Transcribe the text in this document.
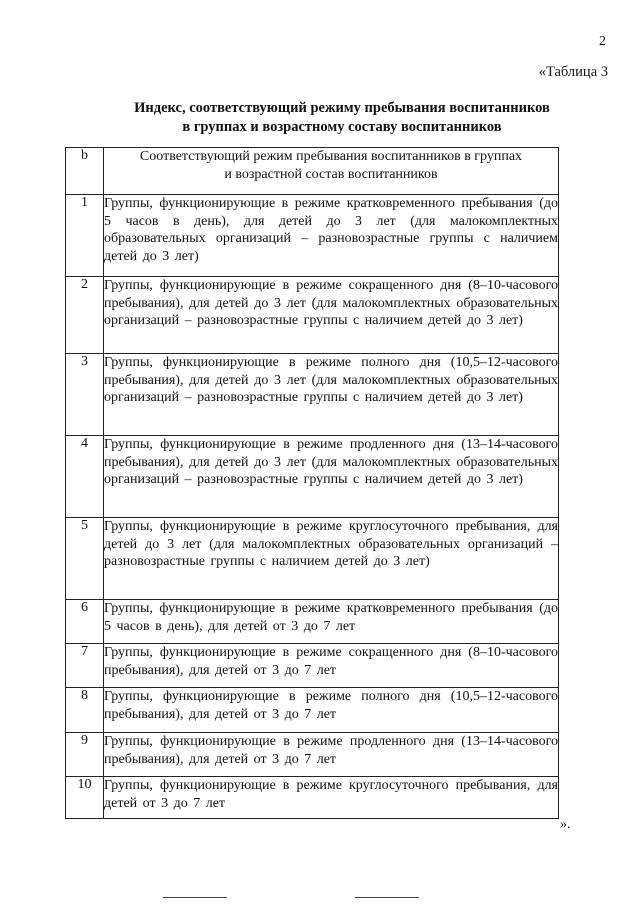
2
«Таблица 3
Индекс, соответствующий режиму пребывания воспитанников
в группах и возрастному составу воспитанников
b	Соответствующий режим пребывания воспитанников в группах
и возрастной состав воспитанников

1	Группы, функционирующие в режиме кратковременного пребывания (до 5 часов в день), для детей до 3 лет (для малокомплектных образовательных организаций – разновозрастные группы с наличием детей до 3 лет)
2	Группы, функционирующие в режиме сокращенного дня (8–10-часового пребывания), для детей до 3 лет (для малокомплектных образовательных организаций – разновозрастные группы с наличием детей до 3 лет)
3	Группы, функционирующие в режиме полного дня (10,5–12-часового пребывания), для детей до 3 лет (для малокомплектных образовательных организаций – разновозрастные группы с наличием детей до 3 лет)
4	Группы, функционирующие в режиме продленного дня (13–14-часового пребывания), для детей до 3 лет (для малокомплектных образовательных организаций – разновозрастные группы с наличием детей до 3 лет)
5	Группы, функционирующие в режиме круглосуточного пребывания, для детей до 3 лет (для малокомплектных образовательных организаций – разновозрастные группы с наличием детей до 3 лет)
6	Группы, функционирующие в режиме кратковременного пребывания (до 5 часов в день), для детей от 3 до 7 лет
7	Группы, функционирующие в режиме сокращенного дня (8–10-часового пребывания), для детей от 3 до 7 лет
8	Группы, функционирующие в режиме полного дня (10,5–12-часового пребывания), для детей от 3 до 7 лет
9	Группы, функционирующие в режиме продленного дня (13–14-часового пребывания), для детей от 3 до 7 лет
10	Группы, функционирующие в режиме круглосуточного пребывания, для детей от 3 до 7 лет
».
